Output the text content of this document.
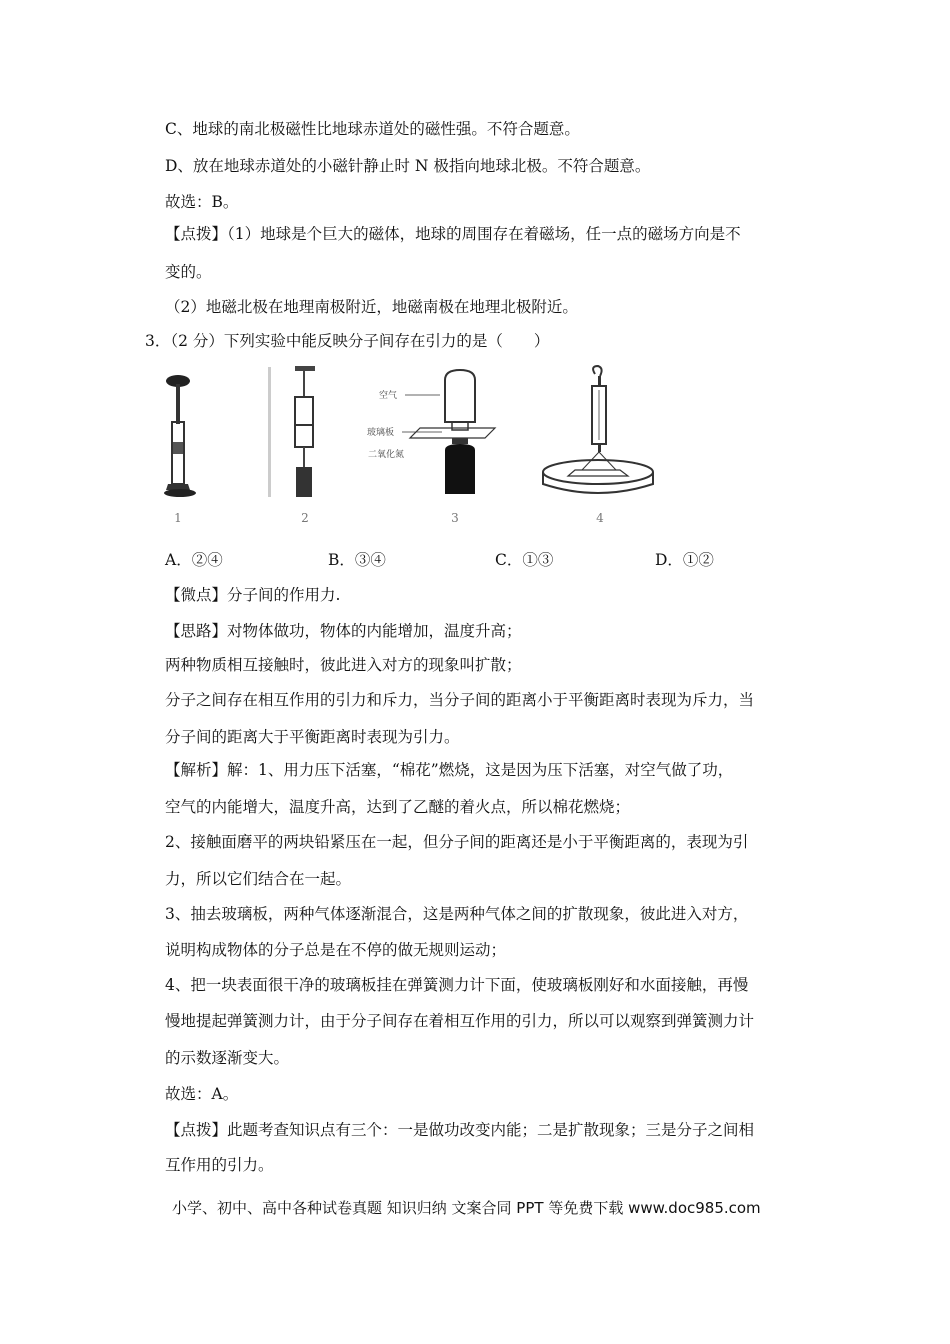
C、地球的南北极磁性比地球赤道处的磁性强。不符合题意。
D、放在地球赤道处的小磁针静止时 N 极指向地球北极。不符合题意。
故选：B。
【点拨】（1）地球是个巨大的磁体，地球的周围存在着磁场，任一点的磁场方向是不
变的。
（2）地磁北极在地理南极附近，地磁南极在地理北极附近。
3．（2 分）下列实验中能反映分子间存在引力的是（　　）
空气
玻璃板
二氧化氮
1	2	3	4
A．②④	B．③④	C．①③	D．①②
【微点】分子间的作用力.
【思路】对物体做功，物体的内能增加，温度升高；
两种物质相互接触时，彼此进入对方的现象叫扩散；
分子之间存在相互作用的引力和斥力，当分子间的距离小于平衡距离时表现为斥力，当
分子间的距离大于平衡距离时表现为引力。
【解析】解：1、用力压下活塞，“棉花”燃烧，这是因为压下活塞，对空气做了功，
空气的内能增大，温度升高，达到了乙醚的着火点，所以棉花燃烧；
2、接触面磨平的两块铅紧压在一起，但分子间的距离还是小于平衡距离的，表现为引
力，所以它们结合在一起。
3、抽去玻璃板，两种气体逐渐混合，这是两种气体之间的扩散现象，彼此进入对方，
说明构成物体的分子总是在不停的做无规则运动；
4、把一块表面很干净的玻璃板挂在弹簧测力计下面，使玻璃板刚好和水面接触，再慢
慢地提起弹簧测力计，由于分子间存在着相互作用的引力，所以可以观察到弹簧测力计
的示数逐渐变大。
故选：A。
【点拨】此题考查知识点有三个：一是做功改变内能；二是扩散现象；三是分子之间相
互作用的引力。
小学、初中、高中各种试卷真题 知识归纳 文案合同 PPT 等免费下载 www.doc985.com
